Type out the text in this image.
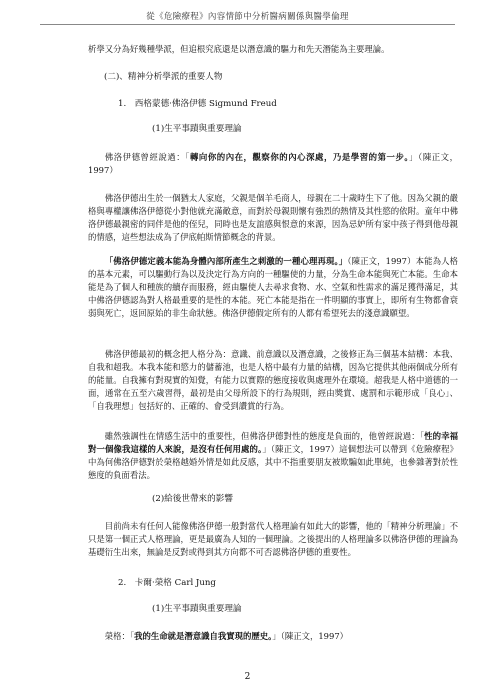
從《危險療程》內容情節中分析醫病關係與醫學倫理
析學又分為好幾種學派，但追根究底還是以潛意識的驅力和先天潛能為主要理論。
(二)、精神分析學派的重要人物
1.　西格蒙德·佛洛伊德 Sigmund Freud
(1)生平事蹟與重要理論
佛洛伊德曾經說過：「轉向你的內在，觀察你的內心深處，乃是學習的第一步。」（陳正文，1997）
佛洛伊德出生於一個猶太人家庭，父親是個羊毛商人，母親在二十歲時生下了他。因為父親的嚴格與專權讓佛洛伊德從小對他就充滿敵意，而對於母親則懷有強烈的熱情及其性慾的依附。童年中佛洛伊德最親密的同伴是他的侄兒，同時也是友誼感與恨意的來源，因為忌妒所有家中孩子得到他母親的情感，這些想法成為了伊底帕斯情節概念的背景。
「佛洛伊德定義本能為身體內部所產生之刺激的一種心理再現。」（陳正文，1997）本能為人格的基本元素，可以驅動行為以及決定行為方向的一種驅使的力量，分為生命本能與死亡本能。生命本能是為了個人和種族的續存而服務，經由驅使人去尋求食物、水、空氣和性需求的滿足獲得滿足，其中佛洛伊德認為對人格最重要的是性的本能。死亡本能是指在一件明顯的事實上，即所有生物都會衰弱與死亡，返回原始的非生命狀態。佛洛伊德假定所有的人都有希望死去的淺意識願望。
佛洛伊德最初的概念把人格分為：意識、前意識以及潛意識，之後修正為三個基本結構：本我、自我和超我。本我本能和慾力的儲蓄池，也是人格中最有力量的結構，因為它提供其他兩個成分所有的能量。自我擁有對現實的知覺，有能力以實際的態度接收與處理外在環境。超我是人格中道德的一面，通常在五至六歲習得，最初是由父母所設下的行為規則，經由獎賞、處罰和示範形成「良心」、「自我理想」包括好的、正確的、會受到讚賞的行為。
雖然強調性在情感生活中的重要性，但佛洛伊德對性的態度是負面的，他曾經說過：「性的幸福對一個像我這樣的人來說，是沒有任何用處的。」（陳正文，1997）這個想法可以帶到《危險療程》中為何佛洛伊德對於榮格越婚外情是如此反感，其中不指重要朋友被欺騙如此單純，也參雜著對於性態度的負面看法。
(2)給後世帶來的影響
目前尚未有任何人能像佛洛伊德一般對當代人格理論有如此大的影響，他的「精神分析理論」不只是第一個正式人格理論，更是最廣為人知的一個理論。之後提出的人格理論多以佛洛伊德的理論為基礎衍生出來，無論是反對或得到其方向都不可否認佛洛伊德的重要性。
2.　卡爾·榮格 Carl Jung
(1)生平事蹟與重要理論
榮格：「我的生命就是潛意識自我實現的歷史。」（陳正文，1997）
2
